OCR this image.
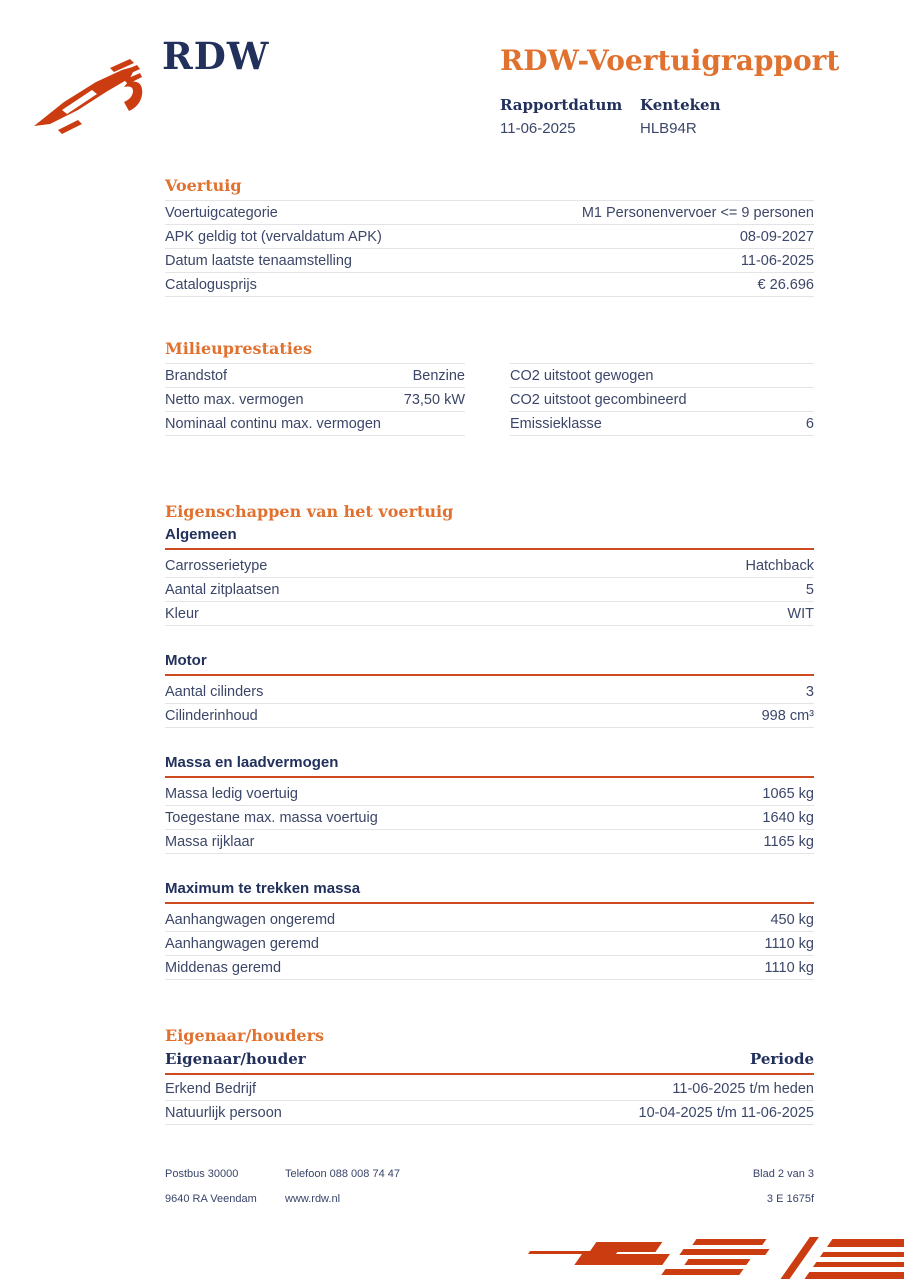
RDW	RDW-Voertuigrapport
Rapportdatum
11-06-2025
Kenteken
HLB94R
Voertuig
Voertuigcategorie	M1 Personenvervoer <= 9 personen
APK geldig tot (vervaldatum APK)	08-09-2027
Datum laatste tenaamstelling	11-06-2025
Catalogusprijs	€ 26.696
Milieuprestaties
Brandstof	Benzine
Netto max. vermogen	73,50 kW
Nominaal continu max. vermogen
CO2 uitstoot gewogen
CO2 uitstoot gecombineerd
Emissieklasse	6
Eigenschappen van het voertuig
Algemeen
Carrosserietype	Hatchback
Aantal zitplaatsen	5
Kleur	WIT
Motor
Aantal cilinders	3
Cilinderinhoud	998 cm³
Massa en laadvermogen
Massa ledig voertuig	1065 kg
Toegestane max. massa voertuig	1640 kg
Massa rijklaar	1165 kg
Maximum te trekken massa
Aanhangwagen ongeremd	450 kg
Aanhangwagen geremd	1110 kg
Middenas geremd	1110 kg
Eigenaar/houders
Eigenaar/houder	Periode
Erkend Bedrijf	11-06-2025 t/m heden
Natuurlijk persoon	10-04-2025 t/m 11-06-2025
Postbus 30000	Telefoon 088 008 74 47	Blad 2 van 3
9640 RA Veendam	www.rdw.nl	3 E 1675f
